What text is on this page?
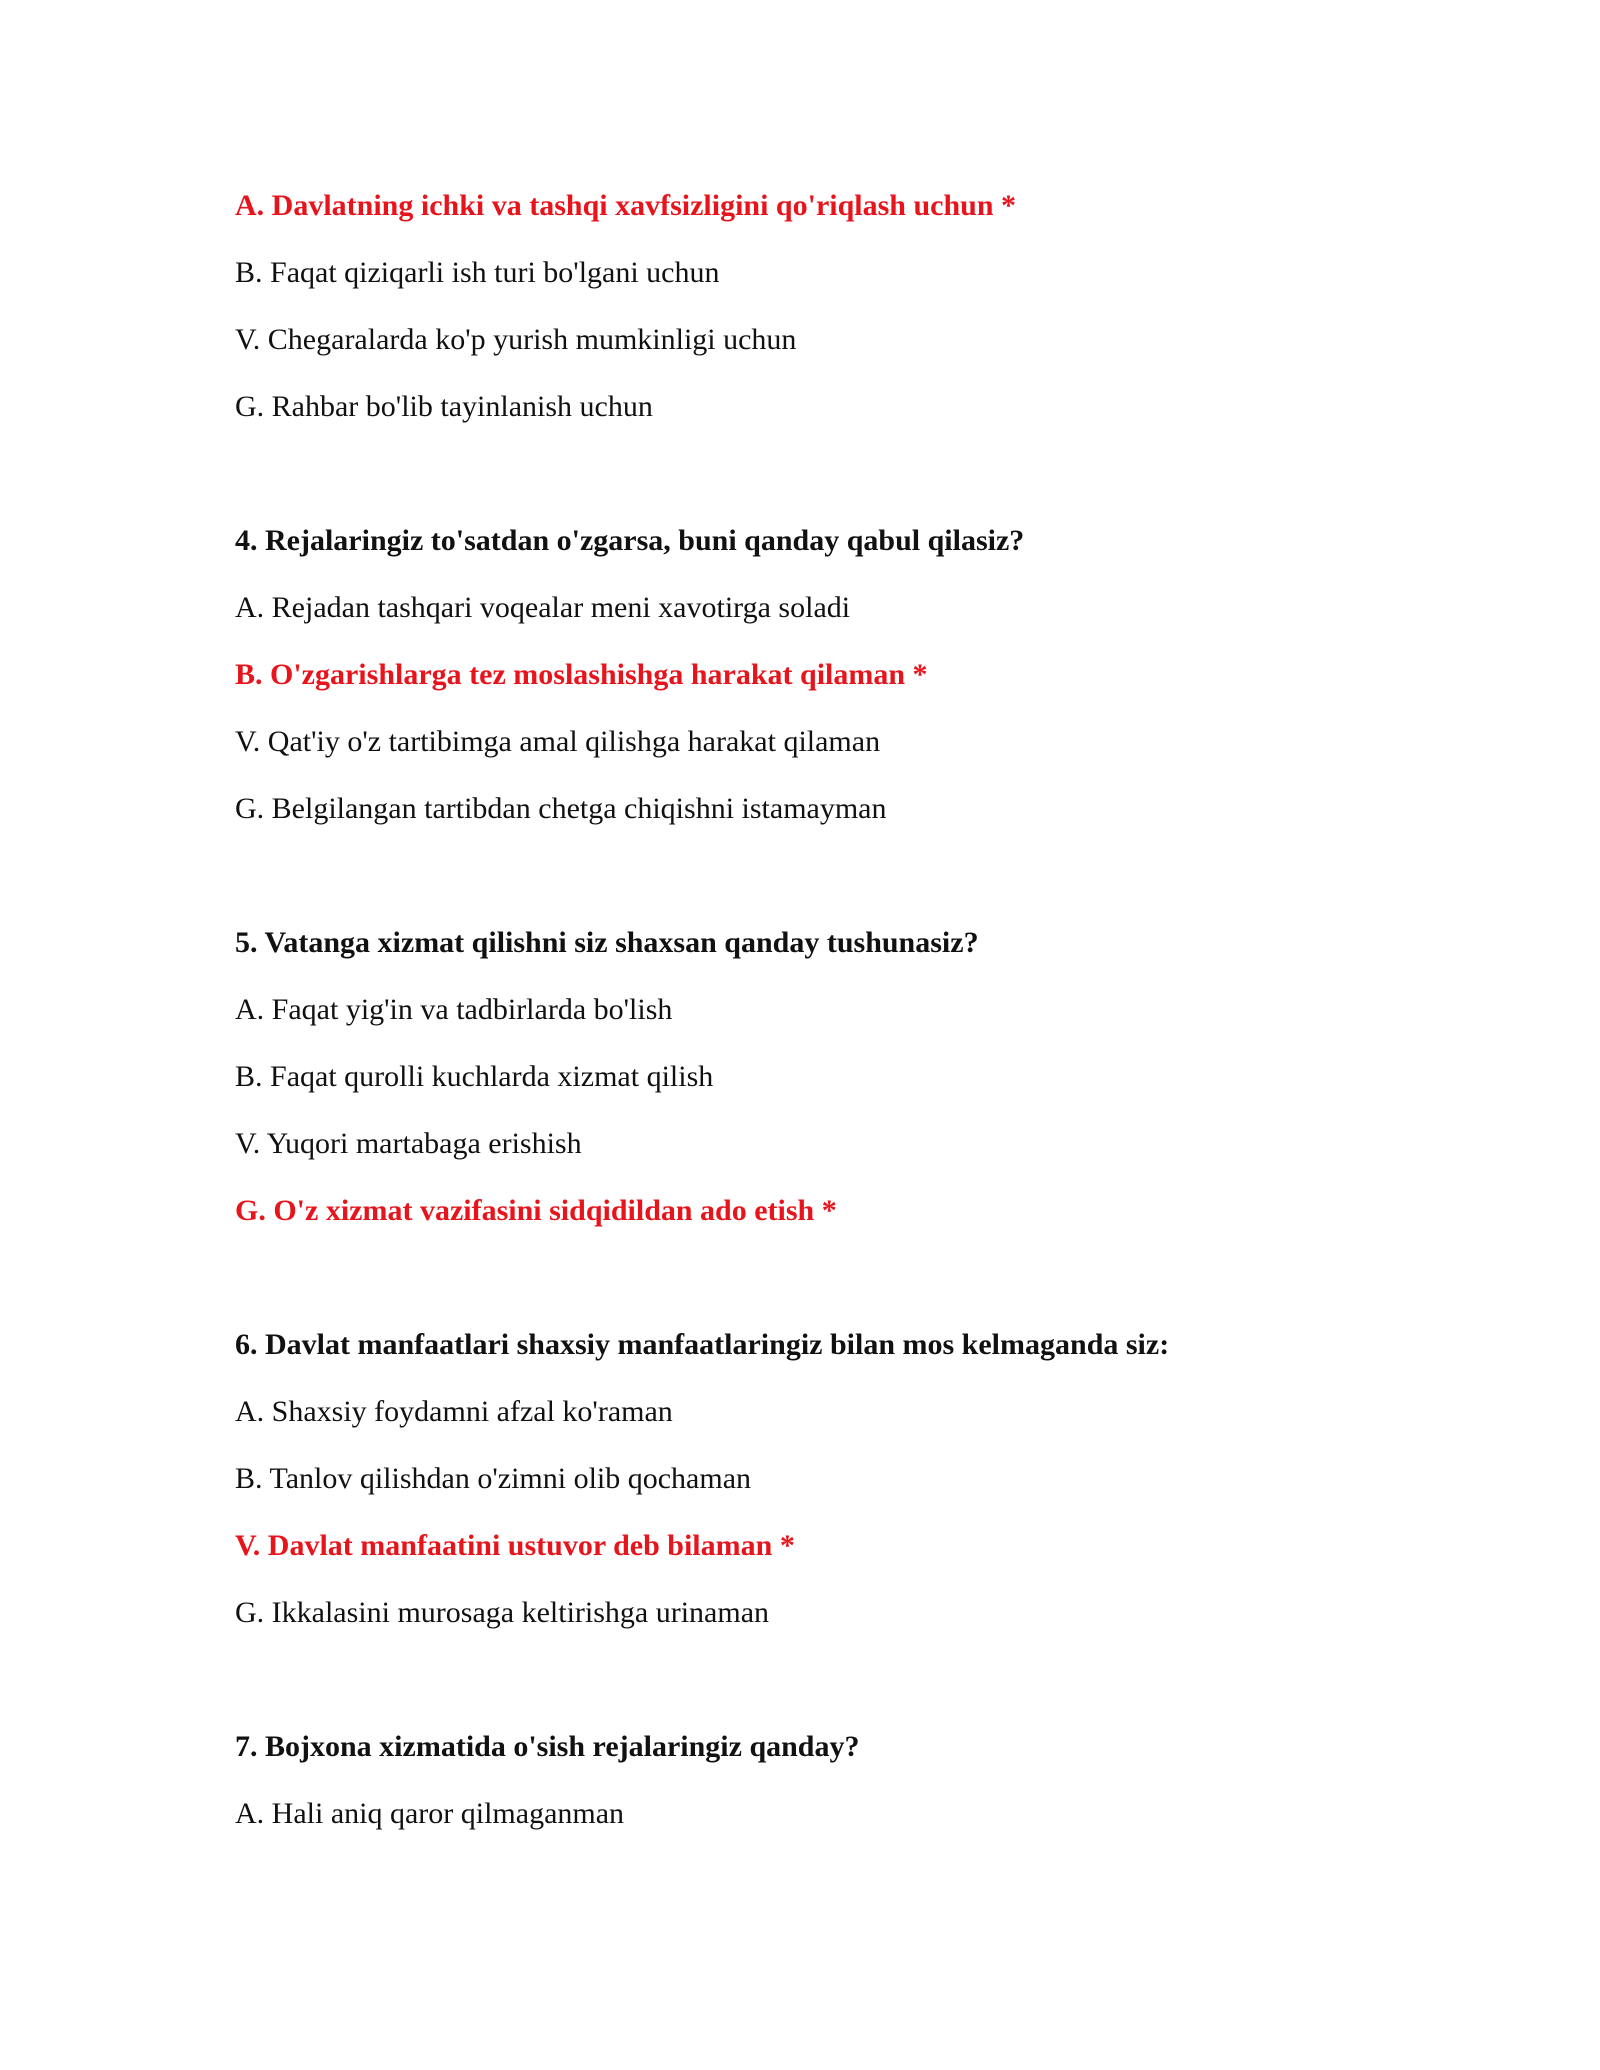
A. Davlatning ichki va tashqi xavfsizligini qo'riqlash uchun *
B. Faqat qiziqarli ish turi bo'lgani uchun
V. Chegaralarda ko'p yurish mumkinligi uchun
G. Rahbar bo'lib tayinlanish uchun
4. Rejalaringiz to'satdan o'zgarsa, buni qanday qabul qilasiz?
A. Rejadan tashqari voqealar meni xavotirga soladi
B. O'zgarishlarga tez moslashishga harakat qilaman *
V. Qat'iy o'z tartibimga amal qilishga harakat qilaman
G. Belgilangan tartibdan chetga chiqishni istamayman
5. Vatanga xizmat qilishni siz shaxsan qanday tushunasiz?
A. Faqat yig'in va tadbirlarda bo'lish
B. Faqat qurolli kuchlarda xizmat qilish
V. Yuqori martabaga erishish
G. O'z xizmat vazifasini sidqidildan ado etish *
6. Davlat manfaatlari shaxsiy manfaatlaringiz bilan mos kelmaganda siz:
A. Shaxsiy foydamni afzal ko'raman
B. Tanlov qilishdan o'zimni olib qochaman
V. Davlat manfaatini ustuvor deb bilaman *
G. Ikkalasini murosaga keltirishga urinaman
7. Bojxona xizmatida o'sish rejalaringiz qanday?
A. Hali aniq qaror qilmaganman
